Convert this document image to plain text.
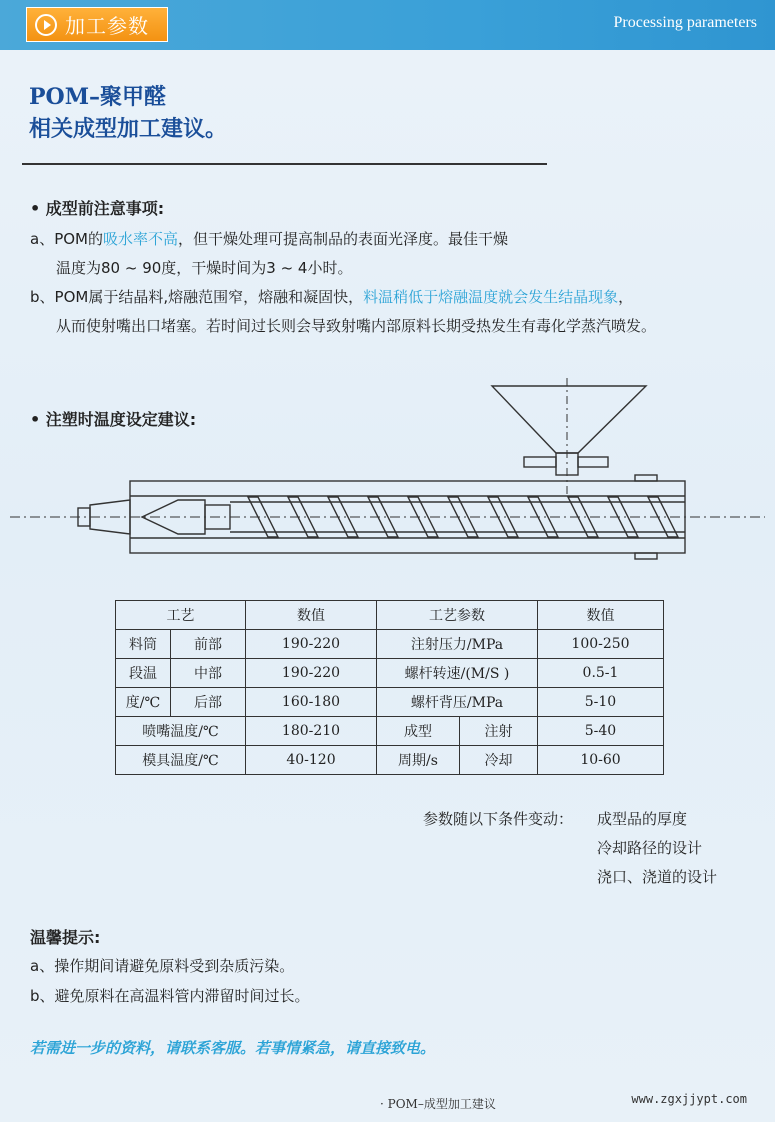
加工参数	Processing parameters
POM–聚甲醛
相关成型加工建议。
• 成型前注意事项:
a、POM的吸水率不高，但干燥处理可提高制品的表面光泽度。最佳干燥
温度为80 ~ 90度，干燥时间为3 ~ 4小时。
b、POM属于结晶料,熔融范围窄，熔融和凝固快，料温稍低于熔融温度就会发生结晶现象，
从而使射嘴出口堵塞。若时间过长则会导致射嘴内部原料长期受热发生有毒化学蒸汽喷发。
• 注塑时温度设定建议:
工艺		数值	工艺参数		数值
料筒	前部	190-220	注射压力/MPa		100-250
段温	中部	190-220	螺杆转速/(M/S )		0.5-1
度/℃	后部	160-180	螺杆背压/MPa		5-10
喷嘴温度/℃		180-210	成型	注射	5-40
模具温度/℃		40-120	周期/s	冷却	10-60
参数随以下条件变动： 成型品的厚度
冷却路径的设计
浇口、浇道的设计
温馨提示:
a、操作期间请避免原料受到杂质污染。
b、避免原料在高温料管内滞留时间过长。
若需进一步的资料，请联系客服。若事情紧急，请直接致电。
· POM–成型加工建议	www.zgxjjypt.com
